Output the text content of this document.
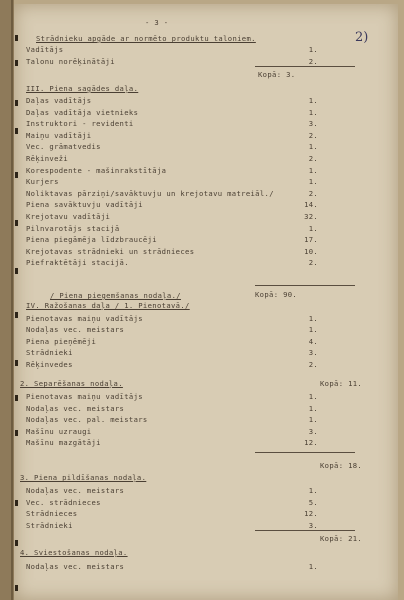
- 3 -
2)
Strādnieku apgāde ar normēto produktu taloniem.
Vadītājs	1.
Talonu norēķinātāji	2.
Kopā: 3.
III. Piena sagādes daļa.
Daļas vadītājs	1.
Daļas vadītāja vietnieks	1.
Instruktori - revidenti	3.
Maiņu vadītāji	2.
Vec. grāmatvedis	1.
Rēķinveži	2.
Korespodente - mašinrakstītāja	1.
Kurjers	1.
Noliktavas pārziņi/savāktuvju un krejotavu matreiāl./	2.
Piena savāktuvju vadītāji	14.
Krejotavu vadītāji	32.
Pilnvarotājs stacijā	1.
Piena piegāmēja līdzbraucēji	17.
Krejotavas strādnieki un strādnieces	10.
Piefraktētāji stacijā.	2.
Kopā: 90.
/ Piena piegemšanas nodaļa./
IV. Ražošanas daļa / 1. Pienotavā./
Pienotavas maiņu vadītājs	1.
Nodaļas vec. meistars	1.
Piena pieņēmēji	4.
Strādnieki	3.
Rēķinvedes	2.
2. Separēšanas nodaļa.	Kopā: 11.
Pienotavas maiņu vadītājs	1.
Nodaļas vec. meistars	1.
Nodaļas vec. pal. meistars	1.
Mašīnu uzraugi	3.
Mašīnu mazgātāji	12.
Kopā: 18.
3. Piena pildīšanas nodaļa.
Nodaļas vec. meistars	1.
Vec. strādnieces	5.
Strādnieces	12.
Strādnieki	3.
Kopā: 21.
4. Sviestošanas nodaļa.
Nodaļas vec. meistars	1.
